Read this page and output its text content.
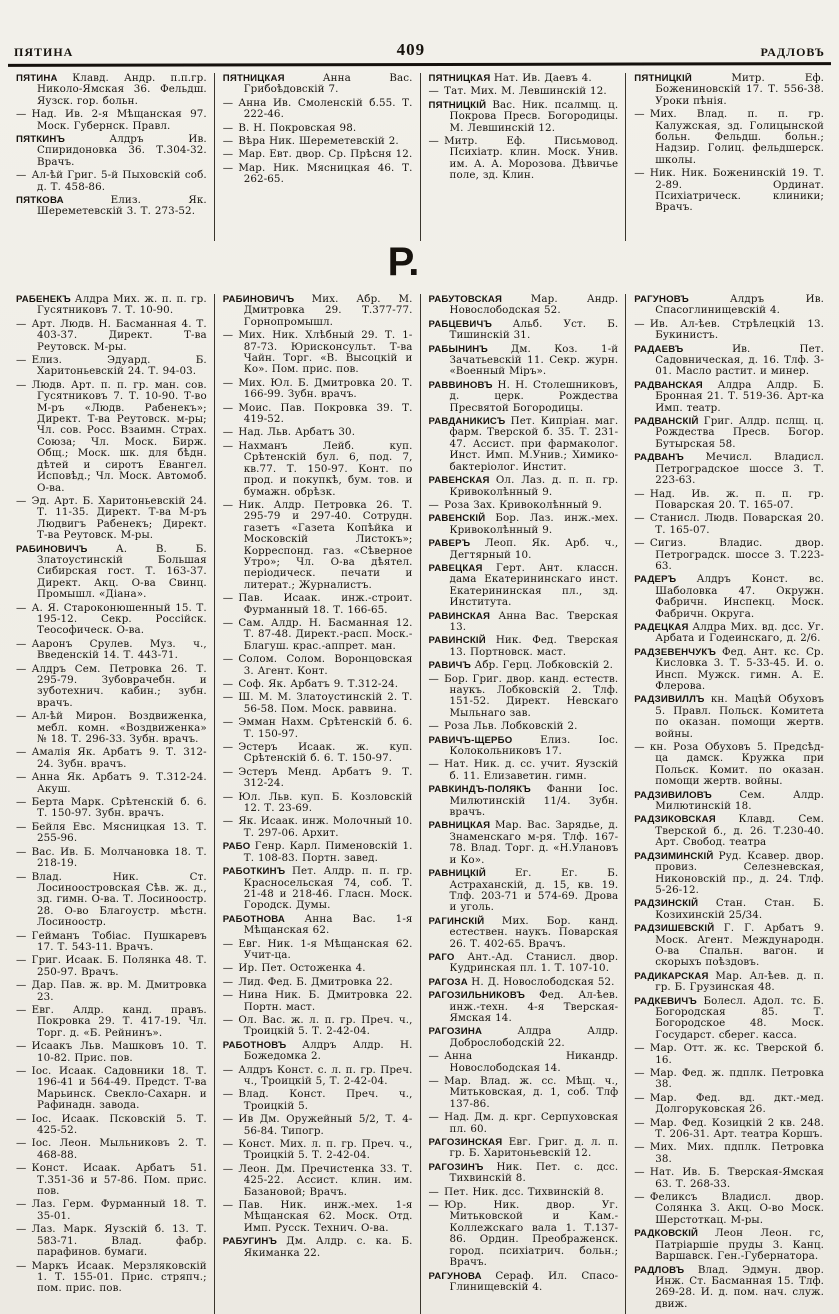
ПЯТИНА	409	РАДЛОВЪ

ПЯТИНА Клавд. Андр. п.п.гр. Николо-Ямская 36. Фельдш. Яузск. гор. больн.

— Над. Ив. 2-я Мѣщанская 97. Моск. Губернск. Правл.

ПЯТКИНЪ Алдръ Ив. Спиридоновка 36. Т.304-32. Врачъ.

— Ал-ѣй Григ. 5-й Пыховскій соб. д. Т. 458-86.

ПЯТКОВА Елиз. Як. Шереметевскій 3. Т. 273-52.

ПЯТНИЦКАЯ Анна Вас. Грибоѣдовскій 7.

— Анна Ив. Смоленскій б.55. Т. 222-46.

— В. Н. Покровская 98.

— Вѣра Ник. Шереметевскій 2.

— Мар. Евт. двор. Ср. Прѣсня 12.

— Мар. Ник. Мясницкая 46. Т. 262-65.

ПЯТНИЦКАЯ Нат. Ив. Даевъ 4.

— Тат. Мих. М. Левшинскій 12.

ПЯТНИЦКІЙ Вас. Ник. псалмщ. ц. Покрова Пресв. Богородицы. М. Левшинскій 12.

— Митр. Еф. Письмовод. Психіатр. клин. Моск. Унив. им. А. А. Морозова. Дѣвичье поле, зд. Клин.

ПЯТНИЦКІЙ Митр. Еф. Божениновскій 17. Т. 556-38. Уроки пѣнія.

— Мих. Влад. п. п. гр. Калужская, зд. Голицынской больн. Фельдш. больн.; Надзир. Голиц. фельдшерск. школы.

— Ник. Ник. Боженинскій 19. Т. 2-89. Ординат. Психіатрическ. клиники; Врачъ.

Р.

РАБЕНЕКЪ Алдра Мих. ж. п. п. гр. Гусятниковъ 7. Т. 10-90.

— Арт. Людв. Н. Басманная 4. Т. 403-37. Директ. Т-ва Реутовск. М-ры.

— Елиз. Эдуард. Б. Харитоньевскій 24. Т. 94-03.

— Людв. Арт. п. п. гр. ман. сов. Гусятниковъ 7. Т. 10-90. Т-во М-ръ «Людв. Рабенекъ»; Директ. Т-ва Реутовск. м-ры; Чл. сов. Росс. Взаимн. Страх. Союза; Чл. Моск. Бирж. Общ.; Моск. шк. для бѣдн. дѣтей и сиротъ Евангел. Исповѣд.; Чл. Моск. Автомоб. О-ва.

— Эд. Арт. Б. Харитоньевскій 24. Т. 11-35. Директ. Т-ва М-ръ Людвигъ Рабенекъ; Директ. Т-ва Реутовск. М-ры.

РАБИНОВИЧЪ А. В. Б. Златоустинскій Большая Сибирская гост. Т. 163-37. Директ. Акц. О-ва Свинц. Промышл. «Діана».

— А. Я. Староконюшенный 15. Т. 195-12. Секр. Россійск. Теософическ. О-ва.

— Ааронъ Срулев. Муз. ч., Введенскій 14. Т. 443-71.

— Алдръ Сем. Петровка 26. Т. 295-79. Зубоврачебн. и зуботехнич. кабин.; зубн. врачъ.

— Ал-ѣй Мирон. Воздвиженка, мебл. комн. «Воздвиженка» № 18. Т. 296-33. Зубн. врачъ.

— Амалія Як. Арбатъ 9. Т. 312-24. Зубн. врачъ.

— Анна Як. Арбатъ 9. Т.312-24. Акуш.

— Берта Марк. Срѣтенскій б. 6. Т. 150-97. Зубн. врачъ.

— Бейля Евс. Мясницкая 13. Т. 255-96.

— Вас. Ив. Б. Молчановка 18. Т. 218-19.

— Влад. Ник. Ст. Лосиноостровская Сѣв. ж. д., зд. гимн. О-ва. Т. Лосиноостр. 28. О-во Благоустр. мѣстн. Лосиноостр.

— Гейманъ Тобіас. Пушкаревъ 17. Т. 543-11. Врачъ.

— Григ. Исаак. Б. Полянка 48. Т. 250-97. Врачъ.

— Дар. Пав. ж. вр. М. Дмитровка 23.

— Евг. Алдр. канд. правъ. Покровка 29. Т. 417-19. Чл. Торг. д. «Б. Рейнинъ».

— Исаакъ Льв. Машковъ 10. Т. 10-82. Прис. пов.

— Іос. Исаак. Садовники 18. Т. 196-41 и 564-49. Предст. Т-ва Марьинск. Свекло-Сахарн. и Рафинадн. завода.

— Іос. Исаак. Псковскій 5. Т. 425-52.

— Іос. Леон. Мыльниковъ 2. Т. 468-88.

— Конст. Исаак. Арбатъ 51. Т.351-36 и 57-86. Пом. прис. пов.

— Лаз. Герм. Фурманный 18. Т. 35-01.

— Лаз. Марк. Яузскій б. 13. Т. 583-71. Влад. фабр. парафинов. бумаги.

— Маркъ Исаак. Мерзляковскій 1. Т. 155-01. Прис. стряпч.; пом. прис. пов.

РАБИНОВИЧЪ Мих. Абр. М. Дмитровка 29. Т.377-77. Горнопромышл.

— Мих. Ник. Хлѣбный 29. Т. 1-87-73. Юрисконсульт. Т-ва Чайн. Торг. «В. Высоцкій и Ко». Пом. прис. пов.

— Мих. Юл. Б. Дмитровка 20. Т. 166-99. Зубн. врачъ.

— Моис. Пав. Покровка 39. Т. 419-52.

— Над. Льв. Арбатъ 30.

— Нахманъ Лейб. куп. Срѣтенскій бул. 6, под. 7, кв.77. Т. 150-97. Конт. по прод. и покупкѣ, бум. тов. и бумажн. обрѣзк.

— Ник. Алдр. Петровка 26. Т. 295-79 и 297-40. Сотрудн. газетъ «Газета Копѣйка и Московскій Листокъ»; Корреспонд. газ. «Сѣверное Утро»; Чл. О-ва дѣятел. періодическ. печати и литерат.; Журналистъ.

— Пав. Исаак. инж.-строит. Фурманный 18. Т. 166-65.

— Сам. Алдр. Н. Басманная 12. Т. 87-48. Директ.-расп. Моск.-Благуш. крас.-аппрет. ман.

— Солом. Солом. Воронцовская 3. Агент. Конт.

— Соф. Як. Арбатъ 9. Т.312-24.

— Ш. М. М. Златоустинскій 2. Т. 56-58. Пом. Моск. раввина.

— Эмман Нахм. Срѣтенскій б. 6. Т. 150-97.

— Эстеръ Исаак. ж. куп. Срѣтенскій б. 6. Т. 150-97.

— Эстеръ Менд. Арбатъ 9. Т. 312-24.

— Юл. Льв. куп. Б. Козловскій 12. Т. 23-69.

— Як. Исаак. инж. Молочный 10. Т. 297-06. Архит.

РАБО Генр. Карл. Пименовскій 1. Т. 108-83. Портн. завед.

РАБОТКИНЪ Пет. Алдр. п. п. гр. Красносельская 74, соб. Т. 21-48 и 218-46. Гласн. Моск. Городск. Думы.

РАБОТНОВА Анна Вас. 1-я Мѣщанская 62.

— Евг. Ник. 1-я Мѣщанская 62. Учит-ца.

— Ир. Пет. Остоженка 4.

— Лид. Фед. Б. Дмитровка 22.

— Нина Ник. Б. Дмитровка 22. Портн. маст.

— Ол. Вас. ж. л. п. гр. Преч. ч., Троицкій 5. Т. 2-42-04.

РАБОТНОВЪ Алдръ Алдр. Н. Божедомка 2.

— Алдръ Конст. с. л. п. гр. Преч. ч., Троицкій 5, Т. 2-42-04.

— Влад. Конст. Преч. ч., Троицкій 5.

— Ив Дм. Оружейный 5/2, Т. 4-56-84. Типогр.

— Конст. Мих. л. п. гр. Преч. ч., Троицкій 5. Т. 2-42-04.

— Леон. Дм. Пречистенка 33. Т. 425-22. Ассист. клин. им. Базановой; Врачъ.

— Пав. Ник. инж.-мех. 1-я Мѣщанская 62. Моск. Отд. Имп. Русск. Технич. О-ва.

РАБУГИНЪ Дм. Алдр. с. ка. Б. Якиманка 22.

РАБУТОВСКАЯ Мар. Андр. Новослободская 52.

РАБЦЕВИЧЪ Альб. Уст. Б. Тишинскій 31.

РАБЫНИНЪ Дм. Коз. 1-й Зачатьевскій 11. Секр. журн. «Военный Міръ».

РАВВИНОВЪ Н. Н. Столешниковъ, д. церк. Рождества Пресвятой Богородицы.

РАВДАНИКИСЪ Пет. Кипріан. маг. фарм. Тверской б. 35. Т. 231-47. Ассист. при фармаколог. Инст. Имп. М.Унив.; Химико-бактеріолог. Инстит.

РАВЕНСКАЯ Ол. Лаз. д. п. п. гр. Кривоколѣнный 9.

— Роза Зах. Кривоколѣнный 9.

РАВЕНСКІЙ Бор. Лаз. инж.-мех. Кривоколѣнный 9.

РАВЕРЪ Леоп. Як. Арб. ч., Дегтярный 10.

РАВЕЦКАЯ Герт. Ант. классн. дама Екатерининскаго инст. Екатерининская пл., зд. Института.

РАВИНСКАЯ Анна Вас. Тверская 13.

РАВИНСКІЙ Ник. Фед. Тверская 13. Портновск. маст.

РАВИЧЪ Абр. Герц. Лобковскій 2.

— Бор. Григ. двор. канд. естеств. наукъ. Лобковскій 2. Тлф. 151-52. Директ. Невскаго Мыльнаго зав.

— Роза Льв. Лобковскій 2.

РАВИЧЪ-ЩЕРБО Елиз. Іос. Колокольниковъ 17.

— Нат. Ник. д. сс. учит. Яузскій б. 11. Елизаветин. гимн.

РАВКИНДЪ-ПОЛЯКЪ Фанни Іос. Милютинскій 11/4. Зубн. врачъ.

РАВНИЦКАЯ Мар. Вас. Зарядье, д. Знаменскаго м-ря. Тлф. 167-78. Влад. Торг. д. «Н.Улановъ и Ко».

РАВНИЦКІЙ Ег. Ег. Б. Астраханскій, д. 15, кв. 19. Тлф. 203-71 и 574-69. Дрова и уголь.

РАГИНСКІЙ Мих. Бор. канд. естествен. наукъ. Поварская 26. Т. 402-65. Врачъ.

РАГО Ант.-Ад. Станисл. двор. Кудринская пл. 1. Т. 107-10.

РАГОЗА Н. Д. Новослободская 52.

РАГОЗИЛЬНИКОВЪ Фед. Ал-ѣев. инж.-техн. 4-я Тверская-Ямская 14.

РАГОЗИНА Алдра Алдр. Доброслободскій 22.

— Анна Никандр. Новослободская 14.

— Мар. Влад. ж. сс. Мѣщ. ч., Митьковская, д. 1, соб. Тлф 137-86.

— Над. Дм. д. крг. Серпуховская пл. 60.

РАГОЗИНСКАЯ Евг. Григ. д. л. п. гр. Б. Харитоньевскій 12.

РАГОЗИНЪ Ник. Пет. с. дсс. Тихвинскій 8.

— Пет. Ник. дсс. Тихвинскій 8.

— Юр. Ник. двор. Уг. Митьковской и Кам.-Коллежскаго вала 1. Т.137-86. Ордин. Преображенск. город. психіатрич. больн.; Врачъ.

РАГУНОВА Сераф. Ил. Спасо-Глинищевскій 4.

РАГУНОВЪ Алдръ Ив. Спасоглинищевскій 4.

— Ив. Ал-ѣев. Стрѣлецкій 13. Букинистъ.

РАДАЕВЪ Ив. Пет. Садовническая, д. 16. Тлф. 3-01. Масло растит. и минер.

РАДВАНСКАЯ Алдра Алдр. Б. Бронная 21. Т. 519-36. Арт-ка Имп. театр.

РАДВАНСКІЙ Григ. Алдр. пслщ. ц. Рождества Пресв. Богор. Бутырская 58.

РАДВАНЪ Мечисл. Владисл. Петроградское шоссе 3. Т. 223-63.

— Над. Ив. ж. п. п. гр. Поварская 20. Т. 165-07.

— Станисл. Людв. Поварская 20. Т. 165-07.

— Сигиз. Владис. двор. Петроградск. шоссе 3. Т.223-63.

РАДЕРЪ Алдръ Конст. вс. Шаболовка 47. Окружн. Фабричн. Инспекц. Моск. Фабричн. Округа.

РАДЕЦКАЯ Алдра Мих. вд. дсс. Уг. Арбата и Годеинскаго, д. 2/6.

РАДЗЕВЕНЧУКЪ Фед. Ант. кс. Ср. Кисловка 3. Т. 5-33-45. И. о. Инсп. Мужск. гимн. А. Е. Флерова.

РАДЗИВИЛЛЪ кн. Мацѣй Обуховъ 5. Правл. Польск. Комитета по оказан. помощи жертв. войны.

— кн. Роза Обуховъ 5. Предсѣд-ца дамск. Кружка при Польск. Комит. по оказан. помощи жертв. войны.

РАДЗИВИЛОВЪ Сем. Алдр. Милютинскій 18.

РАДЗИКОВСКАЯ Клавд. Сем. Тверской б., д. 26. Т.230-40. Арт. Свобод. театра

РАДЗИМИНСКІЙ Руд. Ксавер. двор. провиз. Селезневская, Никоновскій пр., д. 24. Тлф. 5-26-12.

РАДЗИНСКІЙ Стан. Стан. Б. Козихинскій 25/34.

РАДЗИШЕВСКІЙ Г. Г. Арбатъ 9. Моск. Агент. Международн. О-ва Спальн. вагон. и скорыхъ поѣздовъ.

РАДИКАРСКАЯ Мар. Ал-ѣев. д. п. гр. Б. Грузинская 48.

РАДКЕВИЧЪ Болесл. Адол. тс. Б. Богородская 85. Т. Богородское 48. Моск. Государст. сберег. касса.

— Мар. Отт. ж. кс. Тверской б. 16.

— Мар. Фед. ж. пдплк. Петровка 38.

— Мар. Фед. вд. дкт.-мед. Долгоруковская 26.

— Мар. Фед. Козицкій 2 кв. 248. Т. 206-31. Арт. театра Коршъ.

— Мих. Мих. пдплк. Петровка 38.

— Нат. Ив. Б. Тверская-Ямская 63. Т. 268-33.

— Феликсъ Владисл. двор. Солянка 3. Акц. О-во Моск. Шерстоткац. М-ры.

РАДКОВСКІЙ Леон Леон. гс, Патріаршіе пруды 3. Канц. Варшавск. Ген.-Губернатора.

РАДЛОВЪ Влад. Эдмун. двор. Инж. Ст. Басманная 15. Тлф. 269-28. И. д. пом. нач. служ. движ.
